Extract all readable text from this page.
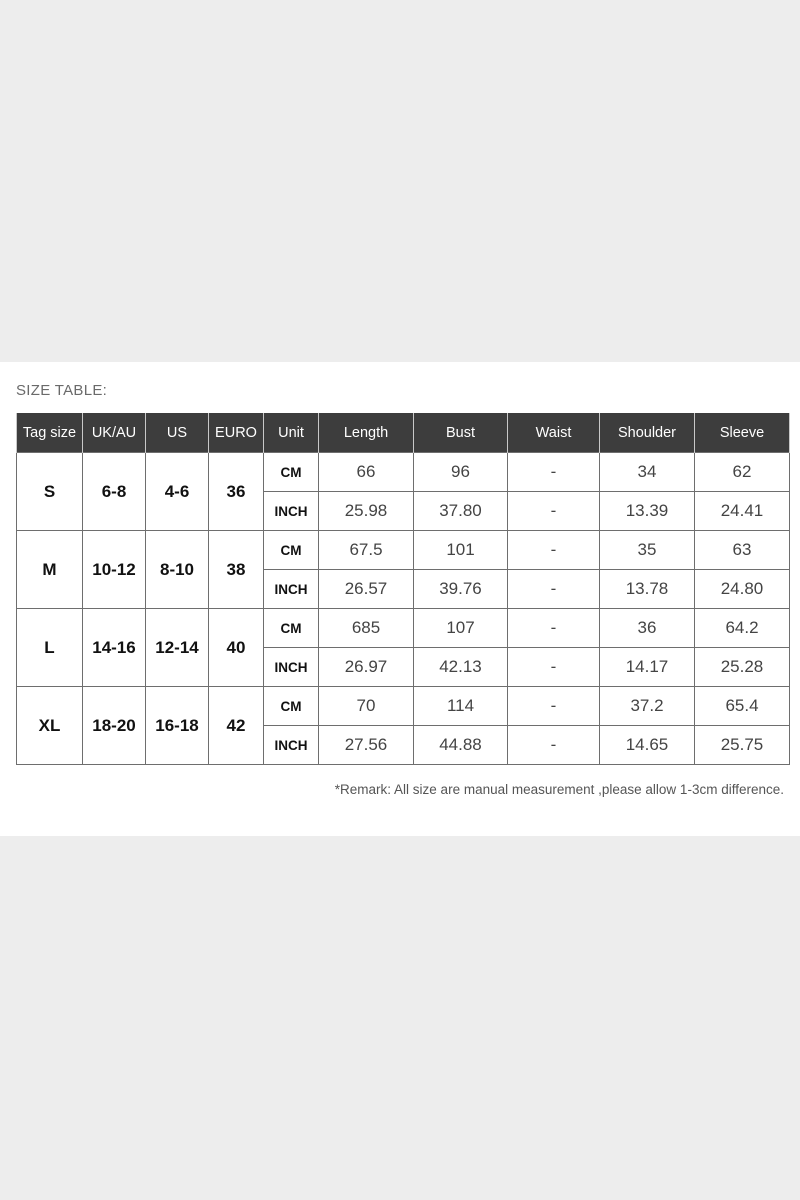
SIZE TABLE:
Tag size	UK/AU	US	EURO	Unit	Length	Bust	Waist	Shoulder	Sleeve
S	6-8	4-6	36	CM	66	96	-	34	62
				INCH	25.98	37.80	-	13.39	24.41
M	10-12	8-10	38	CM	67.5	101	-	35	63
				INCH	26.57	39.76	-	13.78	24.80
L	14-16	12-14	40	CM	685	107	-	36	64.2
				INCH	26.97	42.13	-	14.17	25.28
XL	18-20	16-18	42	CM	70	114	-	37.2	65.4
				INCH	27.56	44.88	-	14.65	25.75
*Remark: All size are manual measurement ,please allow 1-3cm difference.
